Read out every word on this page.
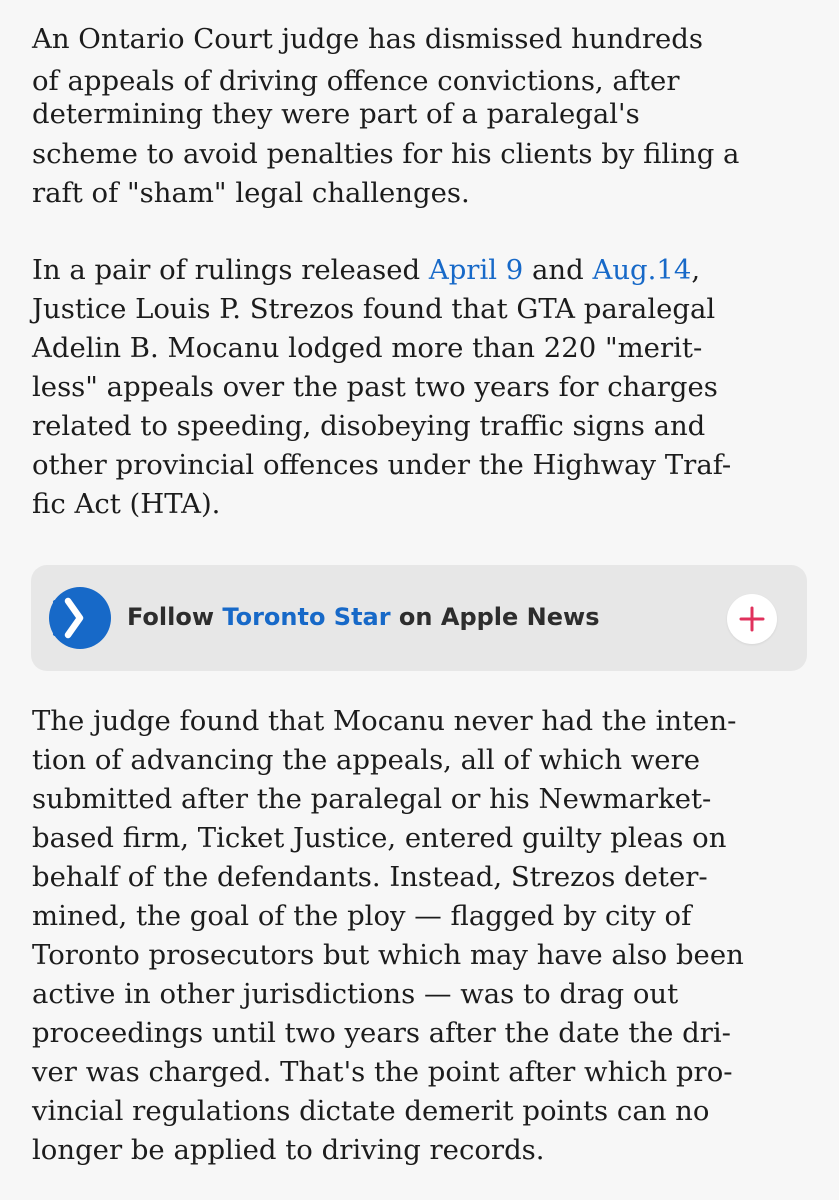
An Ontario Court judge has dismissed hundreds
of appeals of driving offence convictions, after
determining they were part of a paralegal's
scheme to avoid penalties for his clients by filing a
raft of "sham" legal challenges.
In a pair of rulings released April 9 and Aug.14,
Justice Louis P. Strezos found that GTA paralegal
Adelin B. Mocanu lodged more than 220 "merit-
less" appeals over the past two years for charges
related to speeding, disobeying traffic signs and
other provincial offences under the Highway Traf-
fic Act (HTA).
Follow Toronto Star on Apple News
The judge found that Mocanu never had the inten-
tion of advancing the appeals, all of which were
submitted after the paralegal or his Newmarket-
based firm, Ticket Justice, entered guilty pleas on
behalf of the defendants. Instead, Strezos deter-
mined, the goal of the ploy — flagged by city of
Toronto prosecutors but which may have also been
active in other jurisdictions — was to drag out
proceedings until two years after the date the dri-
ver was charged. That's the point after which pro-
vincial regulations dictate demerit points can no
longer be applied to driving records.
